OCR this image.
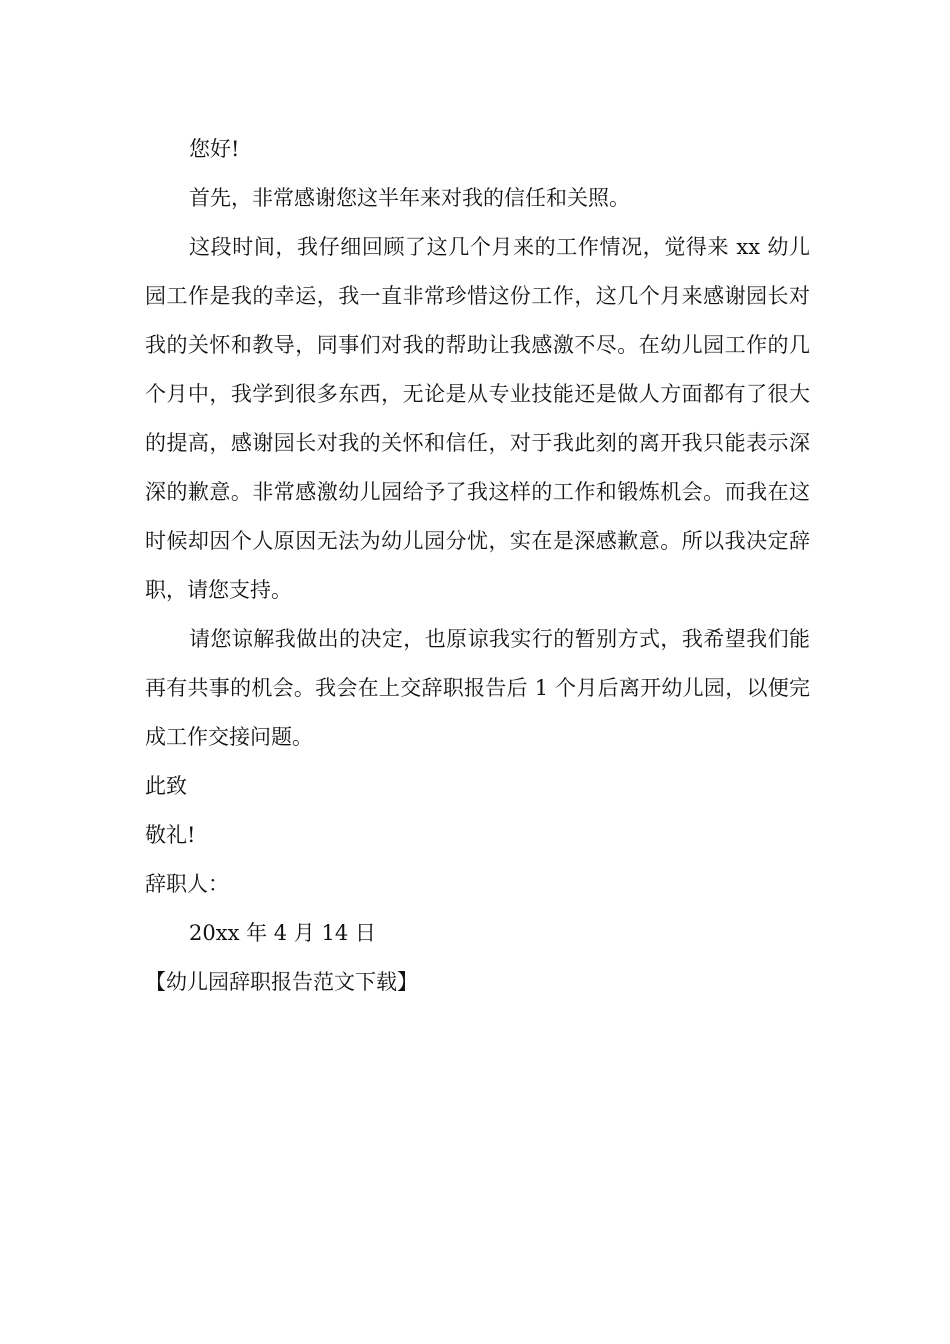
您好!

首先，非常感谢您这半年来对我的信任和关照。

这段时间，我仔细回顾了这几个月来的工作情况，觉得来 xx 幼儿园工作是我的幸运，我一直非常珍惜这份工作，这几个月来感谢园长对我的关怀和教导，同事们对我的帮助让我感激不尽。在幼儿园工作的几个月中，我学到很多东西，无论是从专业技能还是做人方面都有了很大的提高，感谢园长对我的关怀和信任，对于我此刻的离开我只能表示深深的歉意。非常感激幼儿园给予了我这样的工作和锻炼机会。而我在这时候却因个人原因无法为幼儿园分忧，实在是深感歉意。所以我决定辞职，请您支持。

请您谅解我做出的决定，也原谅我实行的暂别方式，我希望我们能再有共事的机会。我会在上交辞职报告后 1 个月后离开幼儿园，以便完成工作交接问题。

此致

敬礼!

辞职人：

20xx 年 4 月 14 日

【幼儿园辞职报告范文下载】
